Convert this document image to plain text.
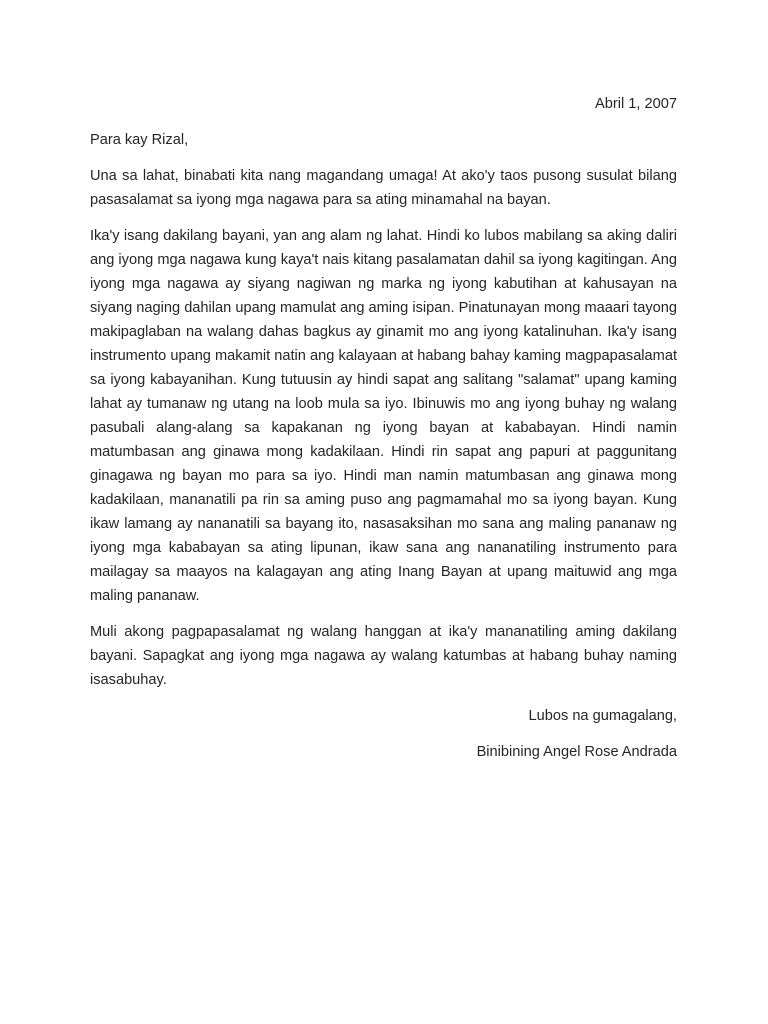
Abril 1, 2007

Para kay Rizal,

Una sa lahat, binabati kita nang magandang umaga! At ako'y taos pusong susulat bilang pasasalamat sa iyong mga nagawa para sa ating minamahal na bayan.

Ika'y isang dakilang bayani, yan ang alam ng lahat. Hindi ko lubos mabilang sa aking daliri ang iyong mga nagawa kung kaya't nais kitang pasalamatan dahil sa iyong kagitingan. Ang iyong mga nagawa ay siyang nagiwan ng marka ng iyong kabutihan at kahusayan na siyang naging dahilan upang mamulat ang aming isipan. Pinatunayan mong maaari tayong makipaglaban na walang dahas bagkus ay ginamit mo ang iyong katalinuhan. Ika'y isang instrumento upang makamit natin ang kalayaan at habang bahay kaming magpapasalamat sa iyong kabayanihan. Kung tutuusin ay hindi sapat ang salitang "salamat" upang kaming lahat ay tumanaw ng utang na loob mula sa iyo. Ibinuwis mo ang iyong buhay ng walang pasubali alang-alang sa kapakanan ng iyong bayan at kababayan. Hindi namin matumbasan ang ginawa mong kadakilaan. Hindi rin sapat ang papuri at paggunitang ginagawa ng bayan mo para sa iyo. Hindi man namin matumbasan ang ginawa mong kadakilaan, mananatili pa rin sa aming puso ang pagmamahal mo sa iyong bayan. Kung ikaw lamang ay nananatili sa bayang ito, nasasaksihan mo sana ang maling pananaw ng iyong mga kababayan sa ating lipunan, ikaw sana ang nananatiling instrumento para mailagay sa maayos na kalagayan ang ating Inang Bayan at upang maituwid ang mga maling pananaw.

Muli akong pagpapasalamat ng walang hanggan at ika'y mananatiling aming dakilang bayani. Sapagkat ang iyong mga nagawa ay walang katumbas at habang buhay naming isasabuhay.

Lubos na gumagalang,

Binibining Angel Rose Andrada
